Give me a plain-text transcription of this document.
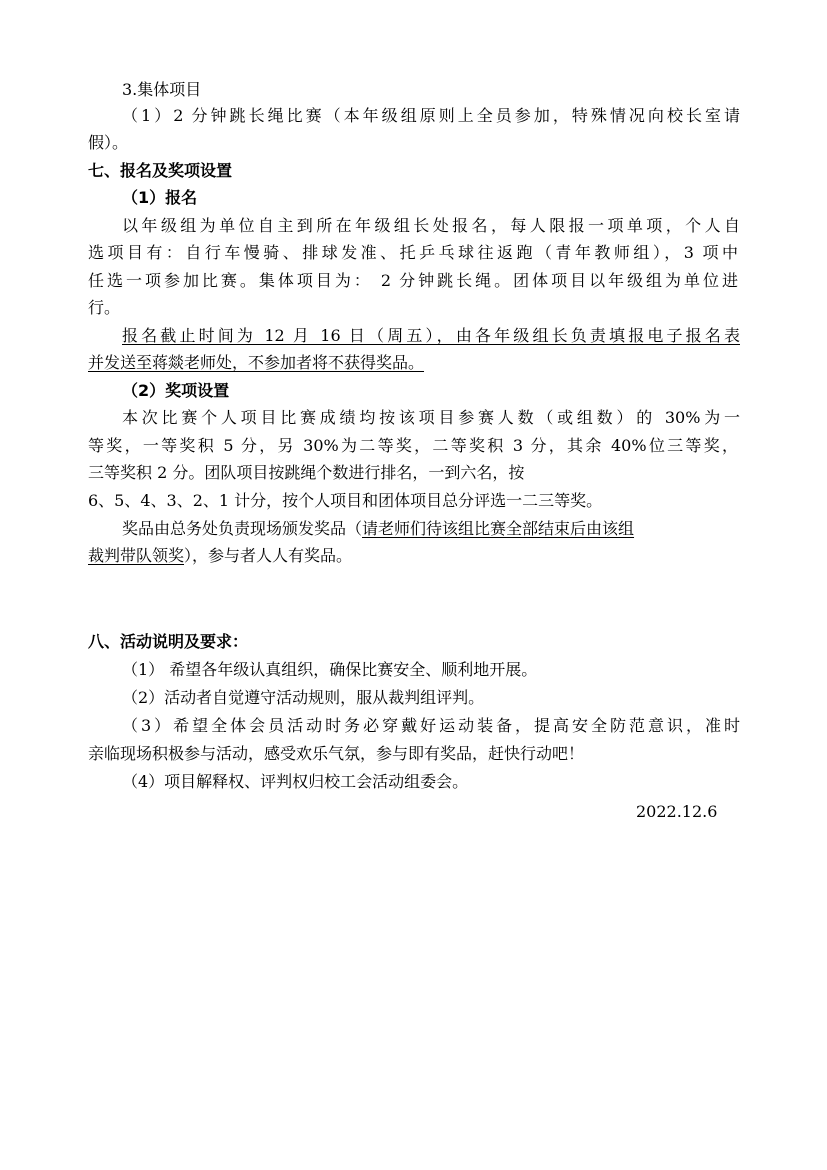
3.集体项目
（1）2 分钟跳长绳比赛（本年级组原则上全员参加，特殊情况向校长室请
假）。
七、报名及奖项设置
（1）报名
以年级组为单位自主到所在年级组长处报名，每人限报一项单项，个人自
选项目有：自行车慢骑、排球发准、托乒乓球往返跑（青年教师组），3 项中
任选一项参加比赛。集体项目为： 2 分钟跳长绳。团体项目以年级组为单位进
行。
报名截止时间为 12 月 16 日（周五），由各年级组长负责填报电子报名表
并发送至蒋燚老师处，不参加者将不获得奖品。
（2）奖项设置
本次比赛个人项目比赛成绩均按该项目参赛人数（或组数）的 30%为一
等奖，一等奖积 5 分，另 30%为二等奖，二等奖积 3 分，其余 40%位三等奖，
三等奖积 2 分。团队项目按跳绳个数进行排名，一到六名，按
6、5、4、3、2、1 计分，按个人项目和团体项目总分评选一二三等奖。
奖品由总务处负责现场颁发奖品（请老师们待该组比赛全部结束后由该组
裁判带队领奖），参与者人人有奖品。
八、活动说明及要求：
（1） 希望各年级认真组织，确保比赛安全、顺利地开展。
（2）活动者自觉遵守活动规则，服从裁判组评判。
（3）希望全体会员活动时务必穿戴好运动装备，提高安全防范意识，准时
亲临现场积极参与活动，感受欢乐气氛，参与即有奖品，赶快行动吧！
（4）项目解释权、评判权归校工会活动组委会。
2022.12.6
